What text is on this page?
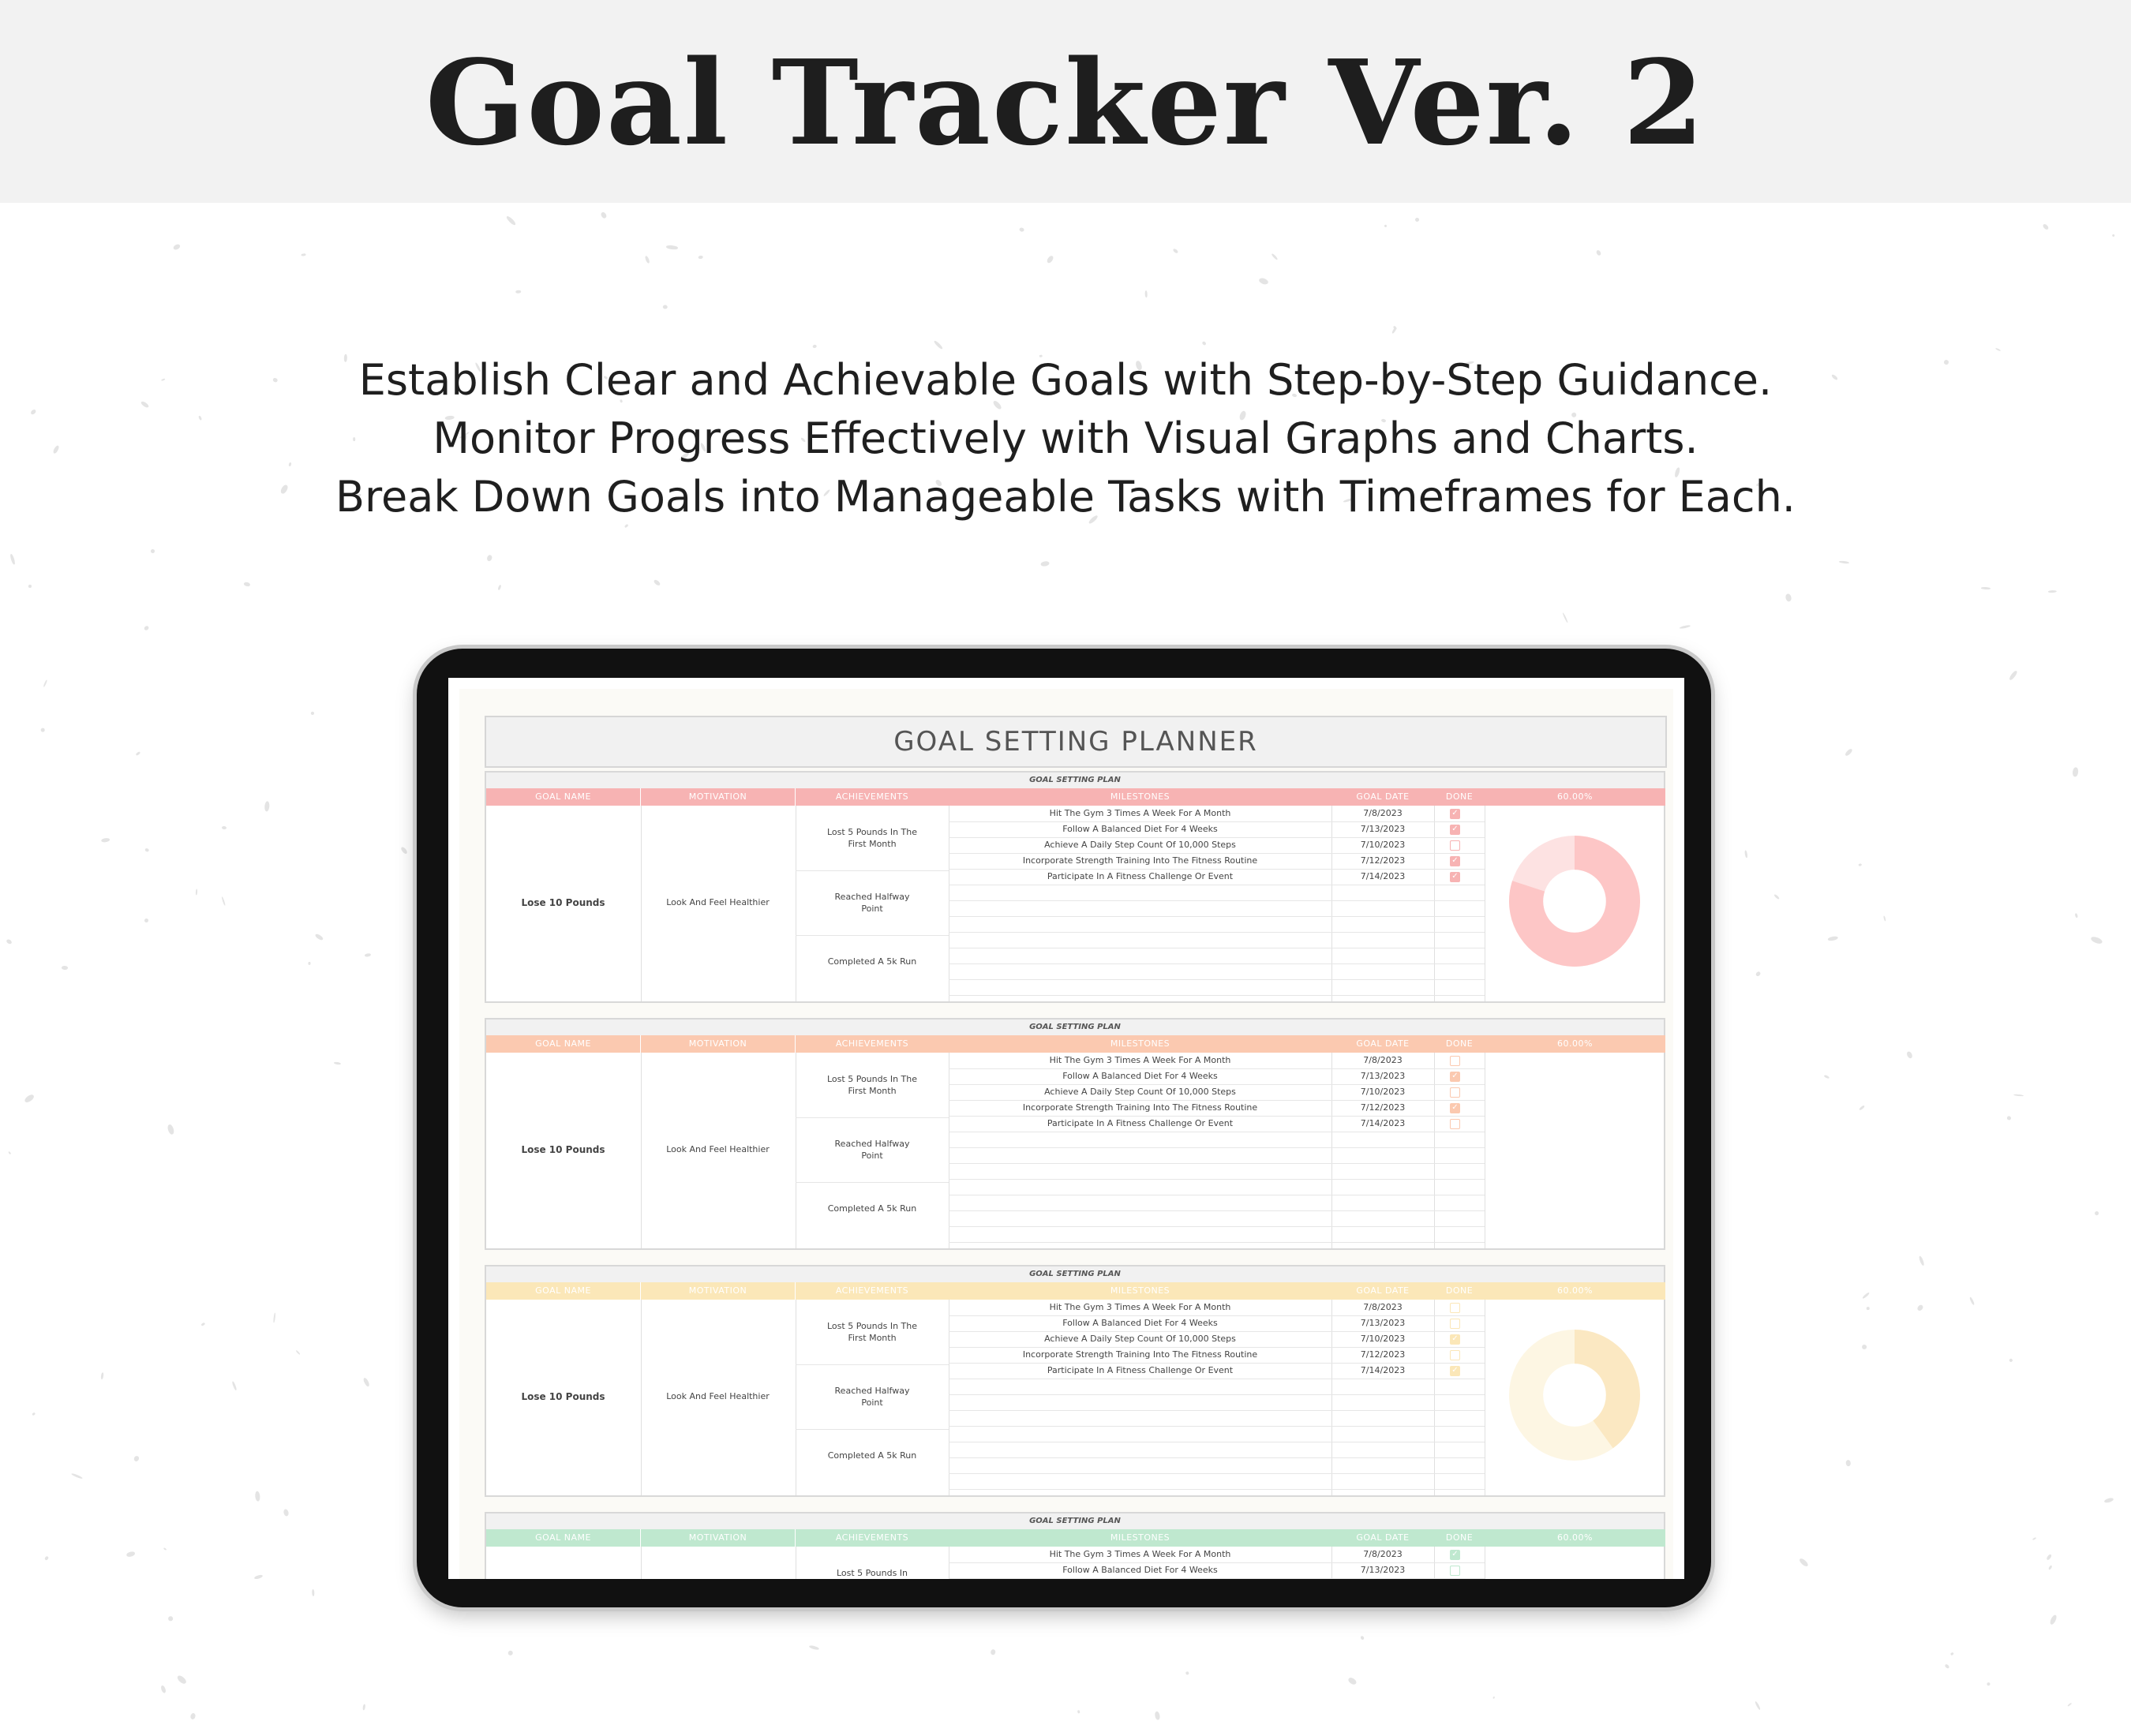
Goal Tracker Ver. 2
Establish Clear and Achievable Goals with Step-by-Step Guidance.
Monitor Progress Effectively with Visual Graphs and Charts.
Break Down Goals into Manageable Tasks with Timeframes for Each.
GOAL SETTING PLANNER
GOAL SETTING PLAN
GOAL NAME	MOTIVATION	ACHIEVEMENTS	MILESTONES	GOAL DATE	DONE	60.00%
Lose 10 Pounds	Look And Feel Healthier
Lost 5 Pounds In The First Month
Reached Halfway Point
Completed A 5k Run
Hit The Gym 3 Times A Week For A Month	7/8/2023	✓
Follow A Balanced Diet For 4 Weeks	7/13/2023	✓
Achieve A Daily Step Count Of 10,000 Steps	7/10/2023
Incorporate Strength Training Into The Fitness Routine	7/12/2023	✓
Participate In A Fitness Challenge Or Event	7/14/2023	✓
GOAL SETTING PLAN
GOAL NAME	MOTIVATION	ACHIEVEMENTS	MILESTONES	GOAL DATE	DONE	60.00%
Lose 10 Pounds	Look And Feel Healthier
Lost 5 Pounds In The First Month
Reached Halfway Point
Completed A 5k Run
Hit The Gym 3 Times A Week For A Month	7/8/2023
Follow A Balanced Diet For 4 Weeks	7/13/2023	✓
Achieve A Daily Step Count Of 10,000 Steps	7/10/2023
Incorporate Strength Training Into The Fitness Routine	7/12/2023	✓
Participate In A Fitness Challenge Or Event	7/14/2023
GOAL SETTING PLAN
GOAL NAME	MOTIVATION	ACHIEVEMENTS	MILESTONES	GOAL DATE	DONE	60.00%
Lose 10 Pounds	Look And Feel Healthier
Lost 5 Pounds In The First Month
Reached Halfway Point
Completed A 5k Run
Hit The Gym 3 Times A Week For A Month	7/8/2023
Follow A Balanced Diet For 4 Weeks	7/13/2023
Achieve A Daily Step Count Of 10,000 Steps	7/10/2023	✓
Incorporate Strength Training Into The Fitness Routine	7/12/2023
Participate In A Fitness Challenge Or Event	7/14/2023	✓
GOAL SETTING PLAN
GOAL NAME	MOTIVATION	ACHIEVEMENTS	MILESTONES	GOAL DATE	DONE	60.00%
Lost 5 Pounds In
Hit The Gym 3 Times A Week For A Month	7/8/2023	✓
Follow A Balanced Diet For 4 Weeks	7/13/2023
